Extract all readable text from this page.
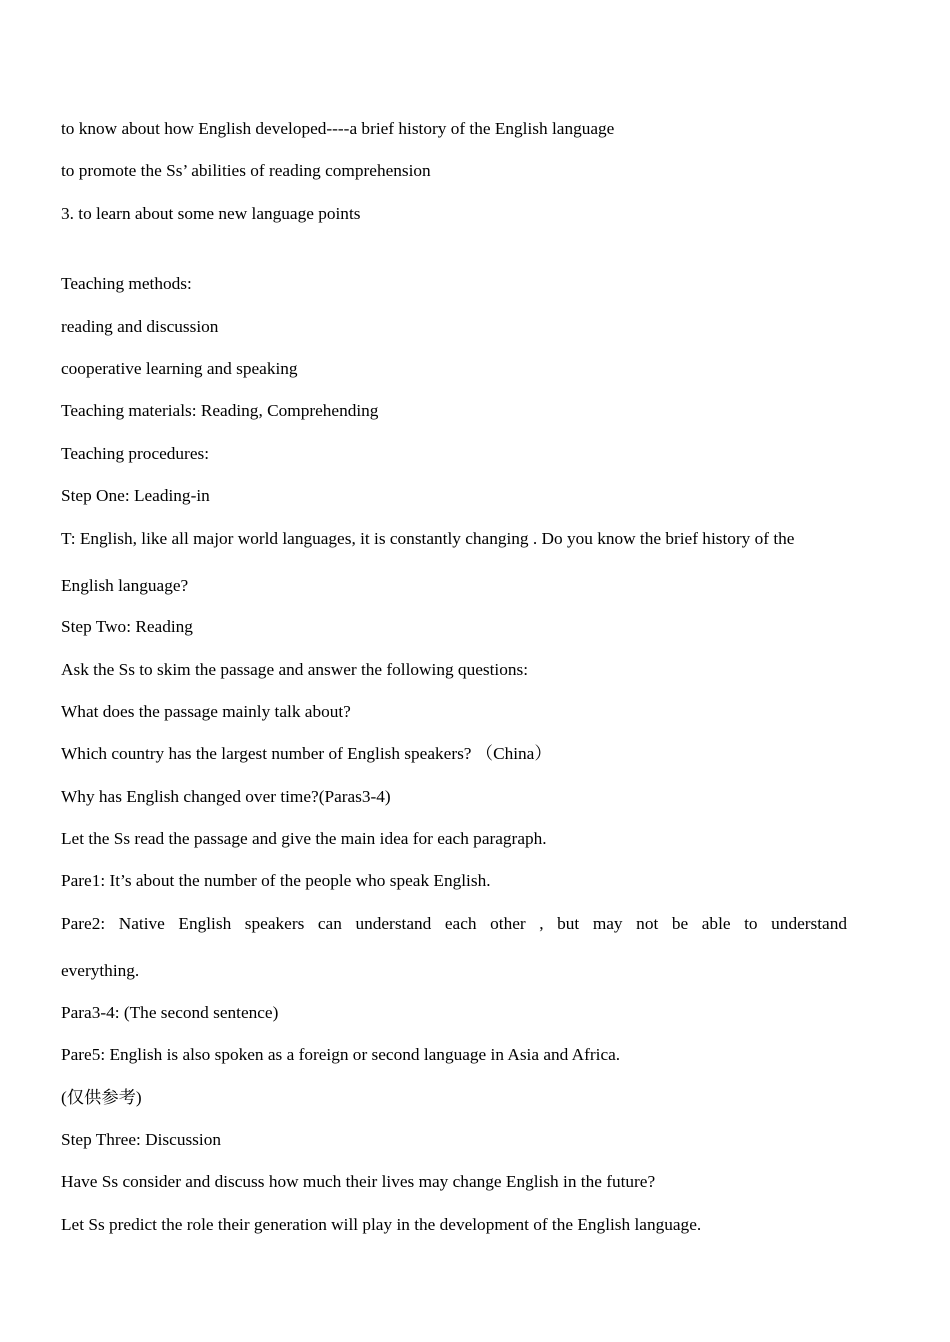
to know about how English developed----a brief history of the English language
to promote the Ss’ abilities of reading comprehension
3. to learn about some new language points
Teaching methods:
reading and discussion
cooperative learning and speaking
Teaching materials: Reading, Comprehending
Teaching procedures:
Step One: Leading-in
T: English, like all major world languages, it is constantly changing . Do you know the brief history of the English language?
Step Two: Reading
Ask the Ss to skim the passage and answer the following questions:
What does the passage mainly talk about?
Which country has the largest number of English speakers? （China）
Why has English changed over time?(Paras3-4)
Let the Ss read the passage and give the main idea for each paragraph.
Pare1: It’s about the number of the people who speak English.
Pare2: Native English speakers can understand each other , but may not be able to understand
everything.
Para3-4: (The second sentence)
Pare5: English is also spoken as a foreign or second language in Asia and Africa.
(仅供参考)
Step Three: Discussion
Have Ss consider and discuss how much their lives may change English in the future?
Let Ss predict the role their generation will play in the development of the English language.
